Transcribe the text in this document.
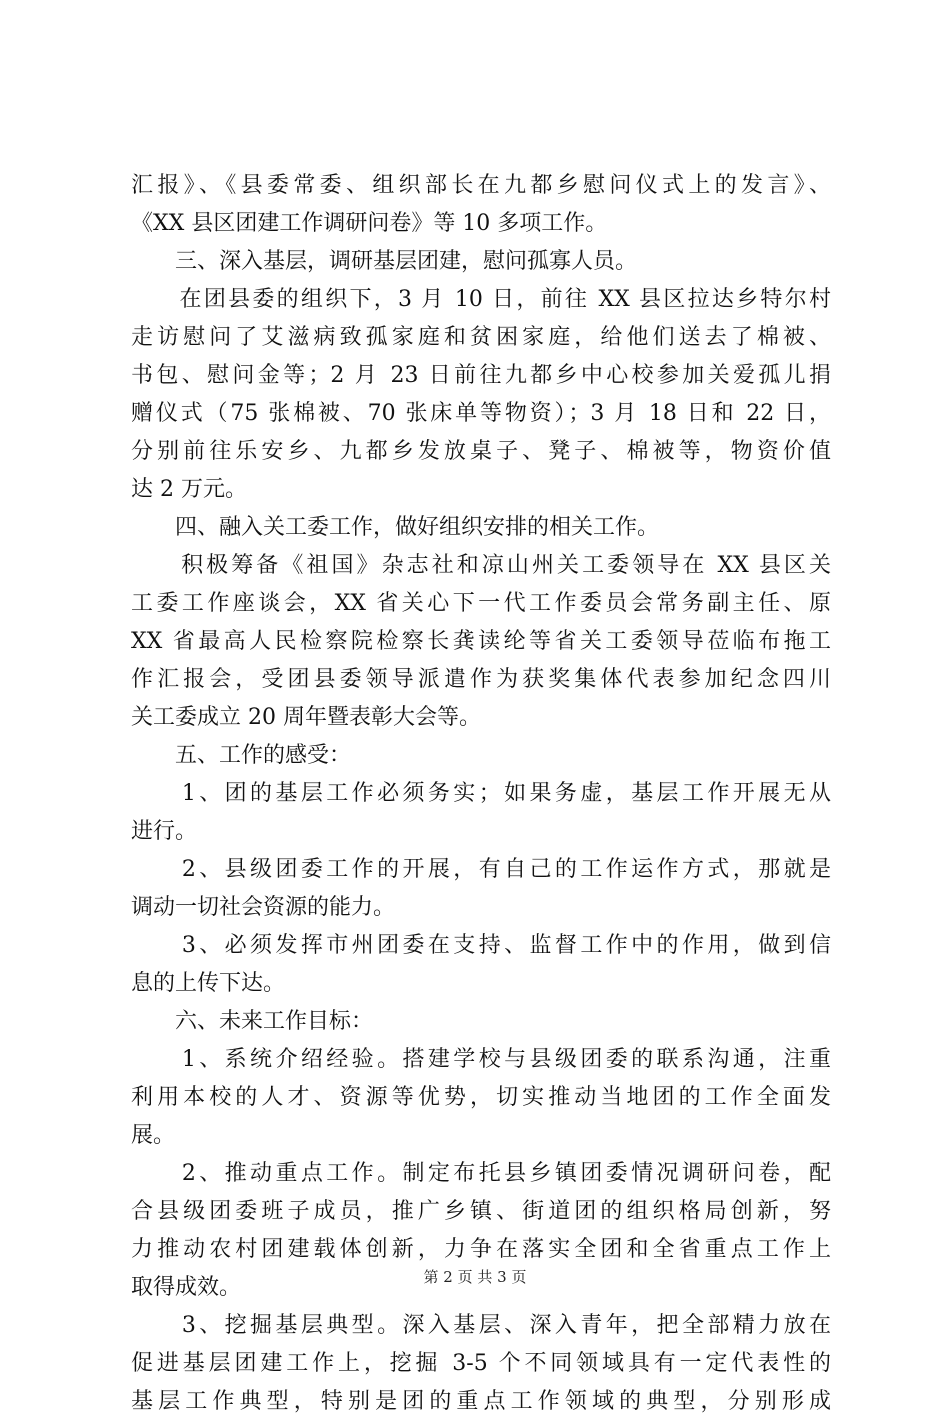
汇报》、《县委常委、组织部长在九都乡慰问仪式上的发言》、
《XX 县区团建工作调研问卷》等 10 多项工作。
　　三、深入基层，调研基层团建，慰问孤寡人员。
　　在团县委的组织下，3 月 10 日，前往 XX 县区拉达乡特尔村
走访慰问了艾滋病致孤家庭和贫困家庭，给他们送去了棉被、
书包、慰问金等；2 月 23 日前往九都乡中心校参加关爱孤儿捐
赠仪式（75 张棉被、70 张床单等物资）；3 月 18 日和 22 日，
分别前往乐安乡、九都乡发放桌子、凳子、棉被等，物资价值
达 2 万元。
　　四、融入关工委工作，做好组织安排的相关工作。
　　积极筹备《祖国》杂志社和凉山州关工委领导在 XX 县区关
工委工作座谈会，XX 省关心下一代工作委员会常务副主任、原
XX 省最高人民检察院检察长龚读纶等省关工委领导莅临布拖工
作汇报会，受团县委领导派遣作为获奖集体代表参加纪念四川
关工委成立 20 周年暨表彰大会等。
　　五、工作的感受：
　　1、团的基层工作必须务实；如果务虚，基层工作开展无从
进行。
　　2、县级团委工作的开展，有自己的工作运作方式，那就是
调动一切社会资源的能力。
　　3、必须发挥市州团委在支持、监督工作中的作用，做到信
息的上传下达。
　　六、未来工作目标：
　　1、系统介绍经验。搭建学校与县级团委的联系沟通，注重
利用本校的人才、资源等优势，切实推动当地团的工作全面发
展。
　　2、推动重点工作。制定布托县乡镇团委情况调研问卷，配
合县级团委班子成员，推广乡镇、街道团的组织格局创新，努
力推动农村团建载体创新，力争在落实全团和全省重点工作上
取得成效。
　　3、挖掘基层典型。深入基层、深入青年，把全部精力放在
促进基层团建工作上，挖掘 3-5 个不同领域具有一定代表性的
基层工作典型，特别是团的重点工作领域的典型，分别形成
第 2 页 共 3 页
